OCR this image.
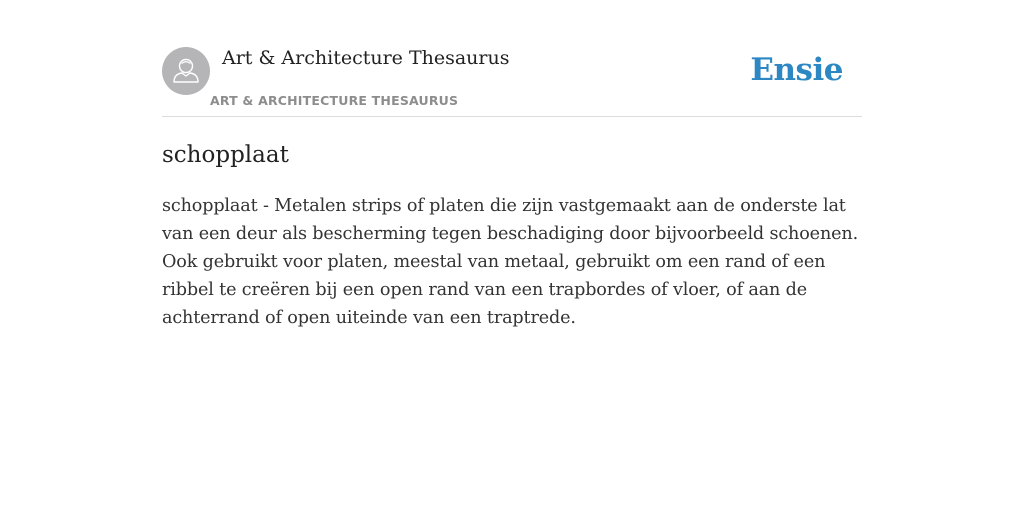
Art & Architecture Thesaurus
ART & ARCHITECTURE THESAURUS
Ensie
schopplaat

schopplaat - Metalen strips of platen die zijn vastgemaakt aan de onderste lat van een deur als bescherming tegen beschadiging door bijvoorbeeld schoenen. Ook gebruikt voor platen, meestal van metaal, gebruikt om een rand of een ribbel te creëren bij een open rand van een trapbordes of vloer, of aan de achterrand of open uiteinde van een traptrede.
